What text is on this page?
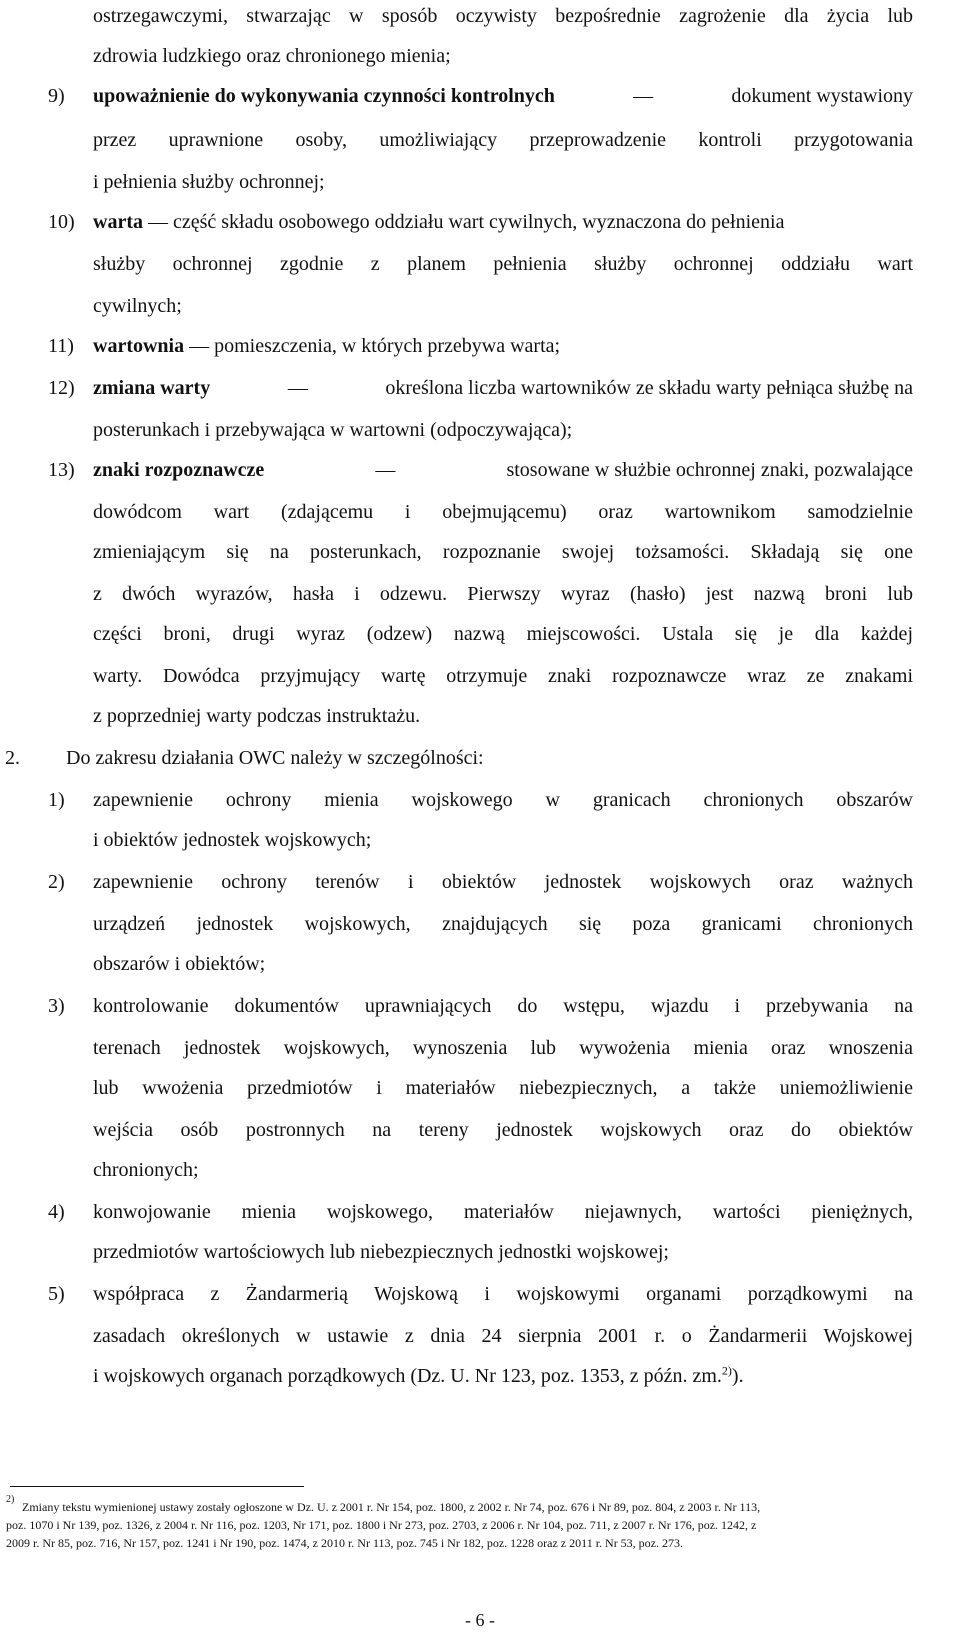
ostrzegawczymi, stwarzając w sposób oczywisty bezpośrednie zagrożenie dla życia lub
zdrowia ludzkiego oraz chronionego mienia;
9) upoważnienie do wykonywania czynności kontrolnych	—	dokument wystawiony
przez uprawnione osoby, umożliwiający przeprowadzenie kontroli przygotowania
i pełnienia służby ochronnej;
10) warta — część składu osobowego oddziału wart cywilnych, wyznaczona do pełnienia
służby ochronnej zgodnie z planem pełnienia służby ochronnej oddziału wart
cywilnych;
11) wartownia — pomieszczenia, w których przebywa warta;
12) zmiana warty	—	określona liczba wartowników ze składu warty pełniąca służbę na
posterunkach i przebywająca w wartowni (odpoczywająca);
13) znaki rozpoznawcze	—	stosowane w służbie ochronnej znaki, pozwalające
dowódcom wart (zdającemu i obejmującemu) oraz wartownikom samodzielnie
zmieniającym się na posterunkach, rozpoznanie swojej tożsamości. Składają się one
z dwóch wyrazów, hasła i odzewu. Pierwszy wyraz (hasło) jest nazwą broni lub
części broni, drugi wyraz (odzew) nazwą miejscowości. Ustala się je dla każdej
warty. Dowódca przyjmujący wartę otrzymuje znaki rozpoznawcze wraz ze znakami
z poprzedniej warty podczas instruktażu.
2. Do zakresu działania OWC należy w szczególności:
1) zapewnienie ochrony mienia wojskowego w granicach chronionych obszarów
i obiektów jednostek wojskowych;
2) zapewnienie ochrony terenów i obiektów jednostek wojskowych oraz ważnych
urządzeń jednostek wojskowych, znajdujących się poza granicami chronionych
obszarów i obiektów;
3) kontrolowanie dokumentów uprawniających do wstępu, wjazdu i przebywania na
terenach jednostek wojskowych, wynoszenia lub wywożenia mienia oraz wnoszenia
lub wwożenia przedmiotów i materiałów niebezpiecznych, a także uniemożliwienie
wejścia osób postronnych na tereny jednostek wojskowych oraz do obiektów
chronionych;
4) konwojowanie mienia wojskowego, materiałów niejawnych, wartości pieniężnych,
przedmiotów wartościowych lub niebezpiecznych jednostki wojskowej;
5) współpraca z Żandarmerią Wojskową i wojskowymi organami porządkowymi na
zasadach określonych w ustawie z dnia 24 sierpnia 2001 r. o Żandarmerii Wojskowej
i wojskowych organach porządkowych (Dz. U. Nr 123, poz. 1353, z późn. zm.$^{2)}$).
2)
Zmiany tekstu wymienionej ustawy zostały ogłoszone w Dz. U. z 2001 r. Nr 154, poz. 1800, z 2002 r. Nr 74, poz. 676 i Nr 89, poz. 804, z 2003 r. Nr 113,
poz. 1070 i Nr 139, poz. 1326, z 2004 r. Nr 116, poz. 1203, Nr 171, poz. 1800 i Nr 273, poz. 2703, z 2006 r. Nr 104, poz. 711, z 2007 r. Nr 176, poz. 1242, z
2009 r. Nr 85, poz. 716, Nr 157, poz. 1241 i Nr 190, poz. 1474, z 2010 r. Nr 113, poz. 745 i Nr 182, poz. 1228 oraz z 2011 r. Nr 53, poz. 273.
- 6 -
